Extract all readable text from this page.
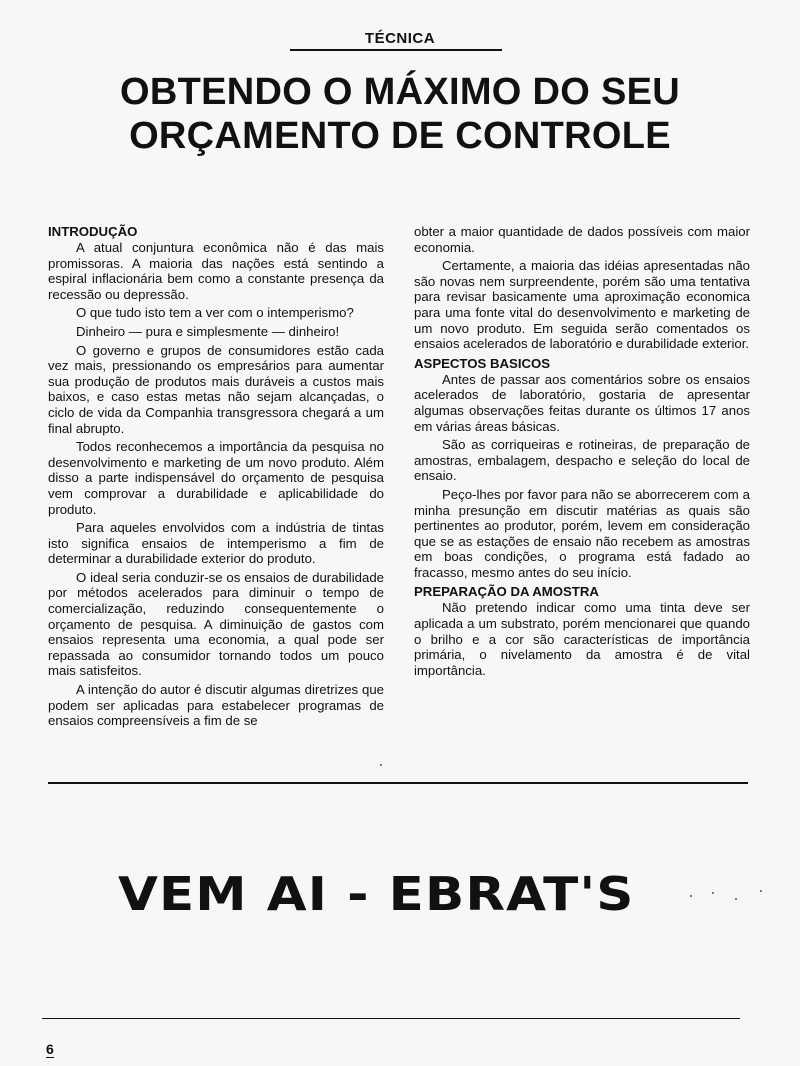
TÉCNICA
OBTENDO O MÁXIMO DO SEU
ORÇAMENTO DE CONTROLE
INTRODUÇÃO

A atual conjuntura econômica não é das mais promissoras. A maioria das nações está sentindo a espiral inflacionária bem como a constante presença da recessão ou depressão.

O que tudo isto tem a ver com o intemperismo?

Dinheiro — pura e simplesmente — dinheiro!

O governo e grupos de consumidores estão cada vez mais, pressionando os empresários para aumentar sua produção de produtos mais duráveis a custos mais baixos, e caso estas metas não sejam alcançadas, o ciclo de vida da Companhia transgressora chegará a um final abrupto.

Todos reconhecemos a importância da pesquisa no desenvolvimento e marketing de um novo produto. Além disso a parte indispensável do orçamento de pesquisa vem comprovar a durabilidade e aplicabilidade do produto.

Para aqueles envolvidos com a indústria de tintas isto significa ensaios de intemperismo a fim de determinar a durabilidade exterior do produto.

O ideal seria conduzir-se os ensaios de durabilidade por métodos acelerados para diminuir o tempo de comercialização, reduzindo consequentemente o orçamento de pesquisa. A diminuição de gastos com ensaios representa uma economia, a qual pode ser repassada ao consumidor tornando todos um pouco mais satisfeitos.

A intenção do autor é discutir algumas diretrizes que podem ser aplicadas para estabelecer programas de ensaios compreensíveis a fim de se

obter a maior quantidade de dados possíveis com maior economia.

Certamente, a maioria das idéias apresentadas não são novas nem surpreendente, porém são uma tentativa para revisar basicamente uma aproximação economica para uma fonte vital do desenvolvimento e marketing de um novo produto. Em seguida serão comentados os ensaios acelerados de laboratório e durabilidade exterior.

ASPECTOS BASICOS

Antes de passar aos comentários sobre os ensaios acelerados de laboratório, gostaria de apresentar algumas observações feitas durante os últimos 17 anos em várias áreas básicas.

São as corriqueiras e rotineiras, de preparação de amostras, embalagem, despacho e seleção do local de ensaio.

Peço-lhes por favor para não se aborrecerem com a minha presunção em discutir matérias as quais são pertinentes ao produtor, porém, levem em consideração que se as estações de ensaio não recebem as amostras em boas condições, o programa está fadado ao fracasso, mesmo antes do seu início.

PREPARAÇÃO DA AMOSTRA

Não pretendo indicar como uma tinta deve ser aplicada a um substrato, porém mencionarei que quando o brilho e a cor são características de importância primária, o nivelamento da amostra é de vital importância.

VEM AI - EBRAT'S
6
